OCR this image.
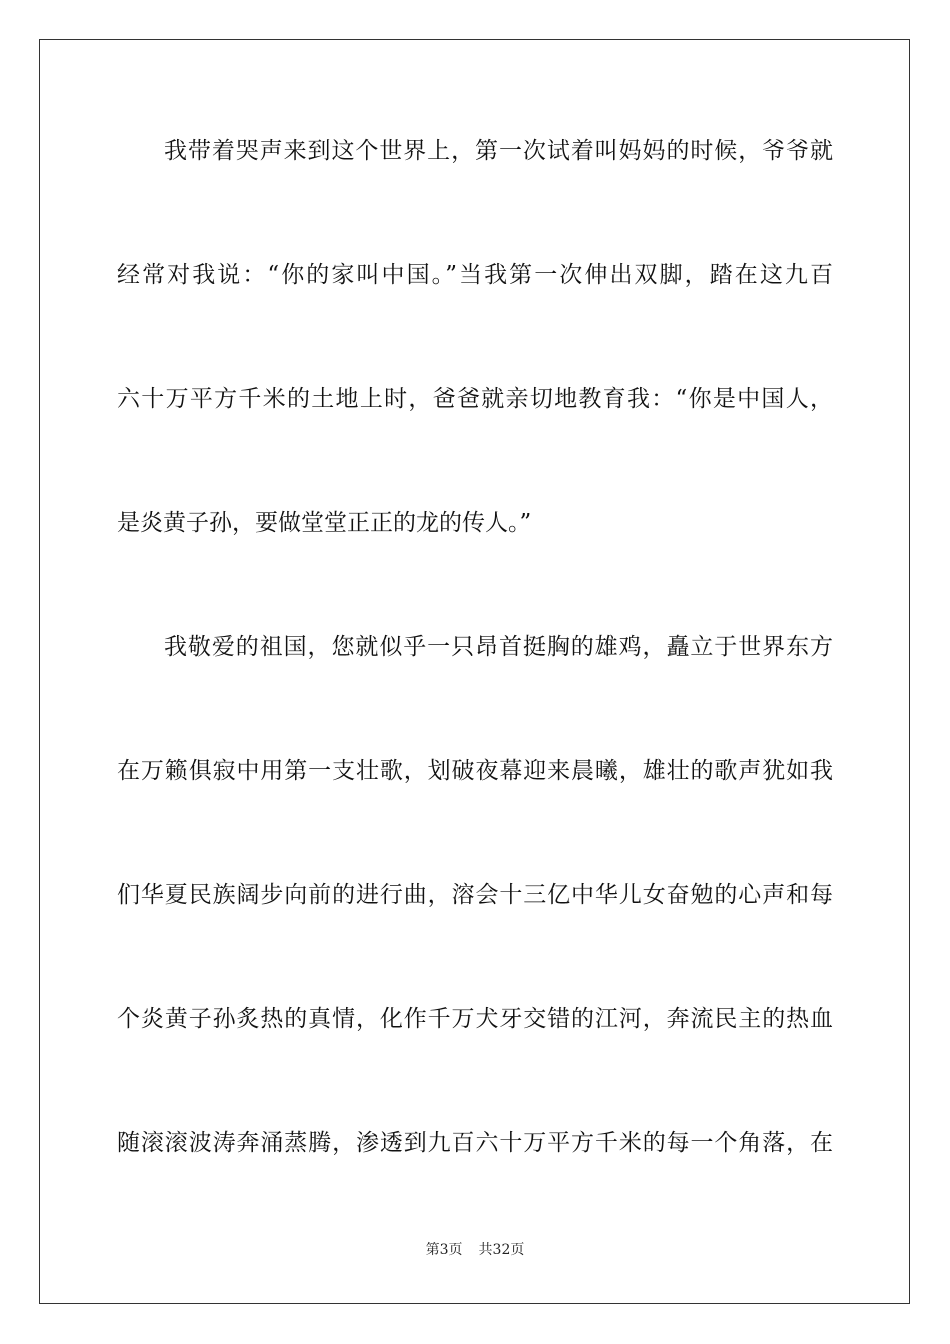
我带着哭声来到这个世界上，第一次试着叫妈妈的时候，爷爷就
经常对我说：“你的家叫中国。”当我第一次伸出双脚，踏在这九百
六十万平方千米的土地上时，爸爸就亲切地教育我：“你是中国人，
是炎黄子孙，要做堂堂正正的龙的传人。”
我敬爱的祖国，您就似乎一只昂首挺胸的雄鸡，矗立于世界东方
在万籁俱寂中用第一支壮歌，划破夜幕迎来晨曦，雄壮的歌声犹如我
们华夏民族阔步向前的进行曲，溶会十三亿中华儿女奋勉的心声和每
个炎黄子孙炙热的真情，化作千万犬牙交错的江河，奔流民主的热血
随滚滚波涛奔涌蒸腾，渗透到九百六十万平方千米的每一个角落，在
第3页 共32页
